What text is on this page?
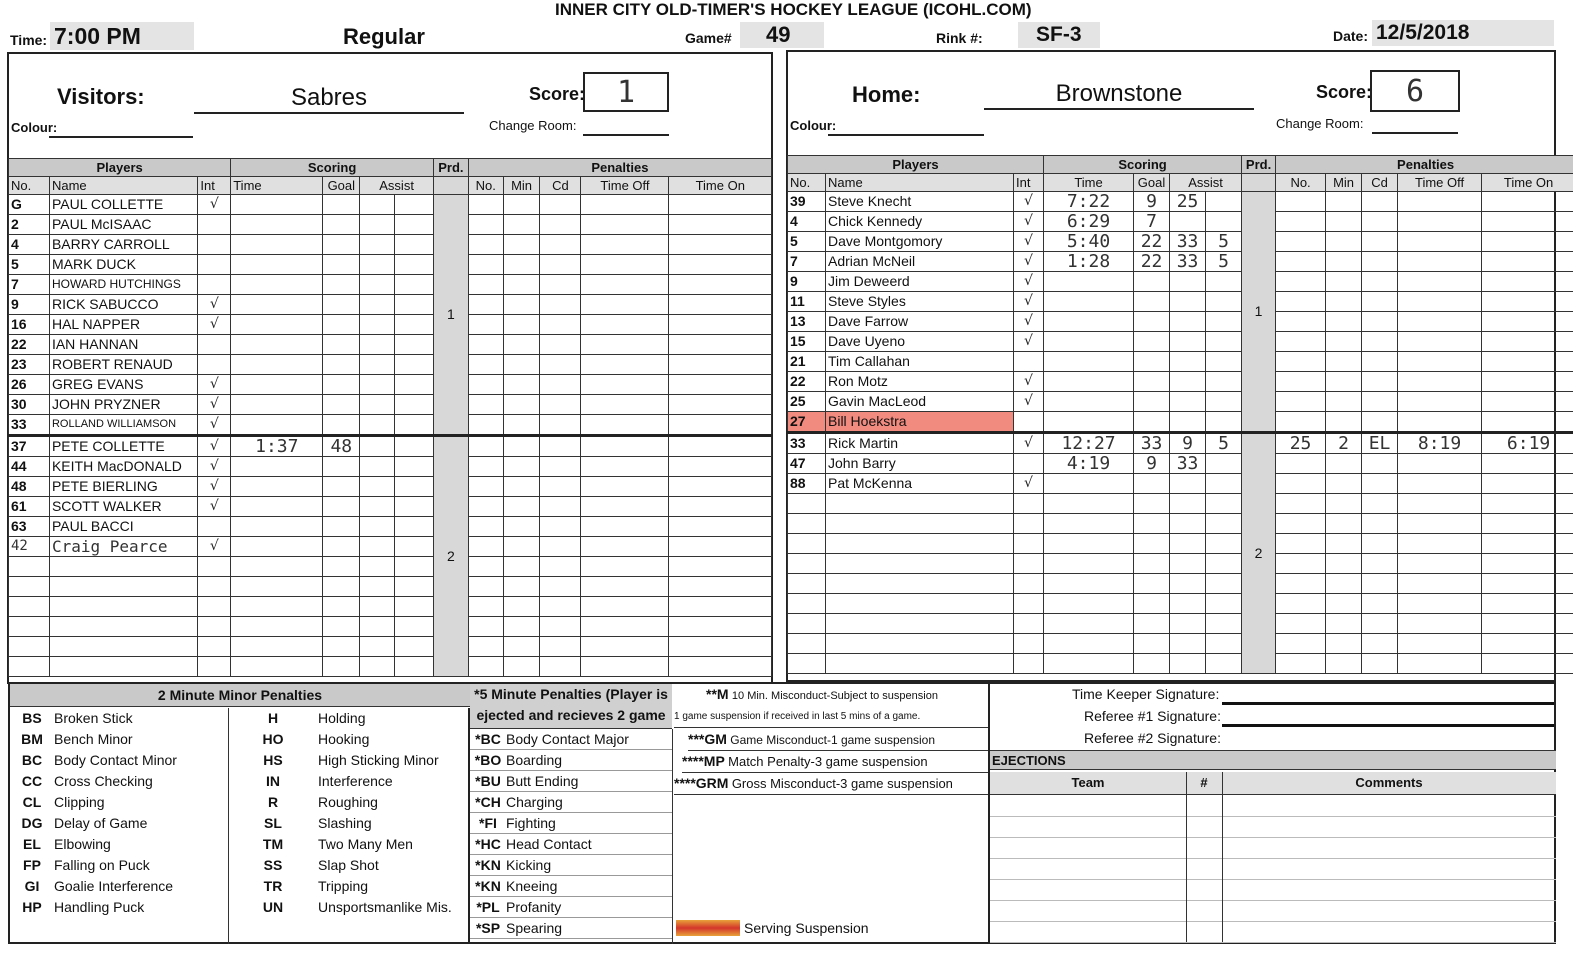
INNER CITY OLD-TIMER'S HOCKEY LEAGUE (ICOHL.COM)
Time: 7:00 PM	Regular	Game#	49	Rink #:	SF-3	Date: 12/5/2018
Visitors:	Sabres	Score:	1
Colour:	Change Room:
Players			Scoring				Prd.	Penalties				
No.	Name	Int	Time	Goal	Assist			No.	Min	Cd	Time Off	Time On
G	PAUL COLLETTE	√					1					
2	PAUL McISAAC											
4	BARRY CARROLL											
5	MARK DUCK											
7	HOWARD HUTCHINGS											
9	RICK SABUCCO	√										
16	HAL NAPPER	√										
22	IAN HANNAN											
23	ROBERT RENAUD											
26	GREG EVANS	√										
30	JOHN PRYZNER	√										
33	ROLLAND WILLIAMSON	√										
37	PETE COLLETTE	√	1:37	48			2					
44	KEITH MacDONALD	√										
48	PETE BIERLING	√										
61	SCOTT WALKER	√										
63	PAUL BACCI											
42	Craig Pearce	√										

Home:	Brownstone	Score:	6
Colour:	Change Room:
Players			Scoring				Prd.	Penalties				
No.	Name	Int	Time	Goal	Assist			No.	Min	Cd	Time Off	Time On
39	Steve Knecht	√	7:22	9	25		1					
4	Chick Kennedy	√	6:29	7								
5	Dave Montgomory	√	5:40	22	33	5						
7	Adrian McNeil	√	1:28	22	33	5						
9	Jim Deweerd	√										
11	Steve Styles	√										
13	Dave Farrow	√										
15	Dave Uyeno	√										
21	Tim Callahan											
22	Ron Motz	√										
25	Gavin MacLeod	√										
27	Bill Hoekstra											
33	Rick Martin	√	12:27	33	9	5	2	25	2	EL	8:19	6:19
47	John Barry		4:19	9	33							
88	Pat McKenna	√										

2 Minute Minor Penalties
BS Broken Stick
BM Bench Minor
BC Body Contact Minor
CC Cross Checking
CL Clipping
DG Delay of Game
EL Elbowing
FP Falling on Puck
GI Goalie Interference
HP Handling Puck
H	Holding
HO Hooking
HS	High Sticking Minor
IN	Interference
R	Roughing
SL	Slashing
TM Two Many Men
SS	Slap Shot
TR	Tripping
UN Unsportsmanlike Mis.
*5 Minute Penalties (Player is
ejected and recieves 2 game
*BC Body Contact Major
*BO Boarding
*BU Butt Ending
*CH Charging
*FI Fighting
*HC Head Contact
*KN Kicking
*KN Kneeing
*PL Profanity
*SP Spearing
**M 10 Min. Misconduct-Subject to suspension
1 game suspension if received in last 5 mins of a game.
***GM Game Misconduct-1 game suspension
****MP Match Penalty-3 game suspension
****GRM Gross Misconduct-3 game suspension
Serving Suspension
Time Keeper Signature:
Referee #1 Signature:
Referee #2 Signature:
EJECTIONS
Team	#	Comments
